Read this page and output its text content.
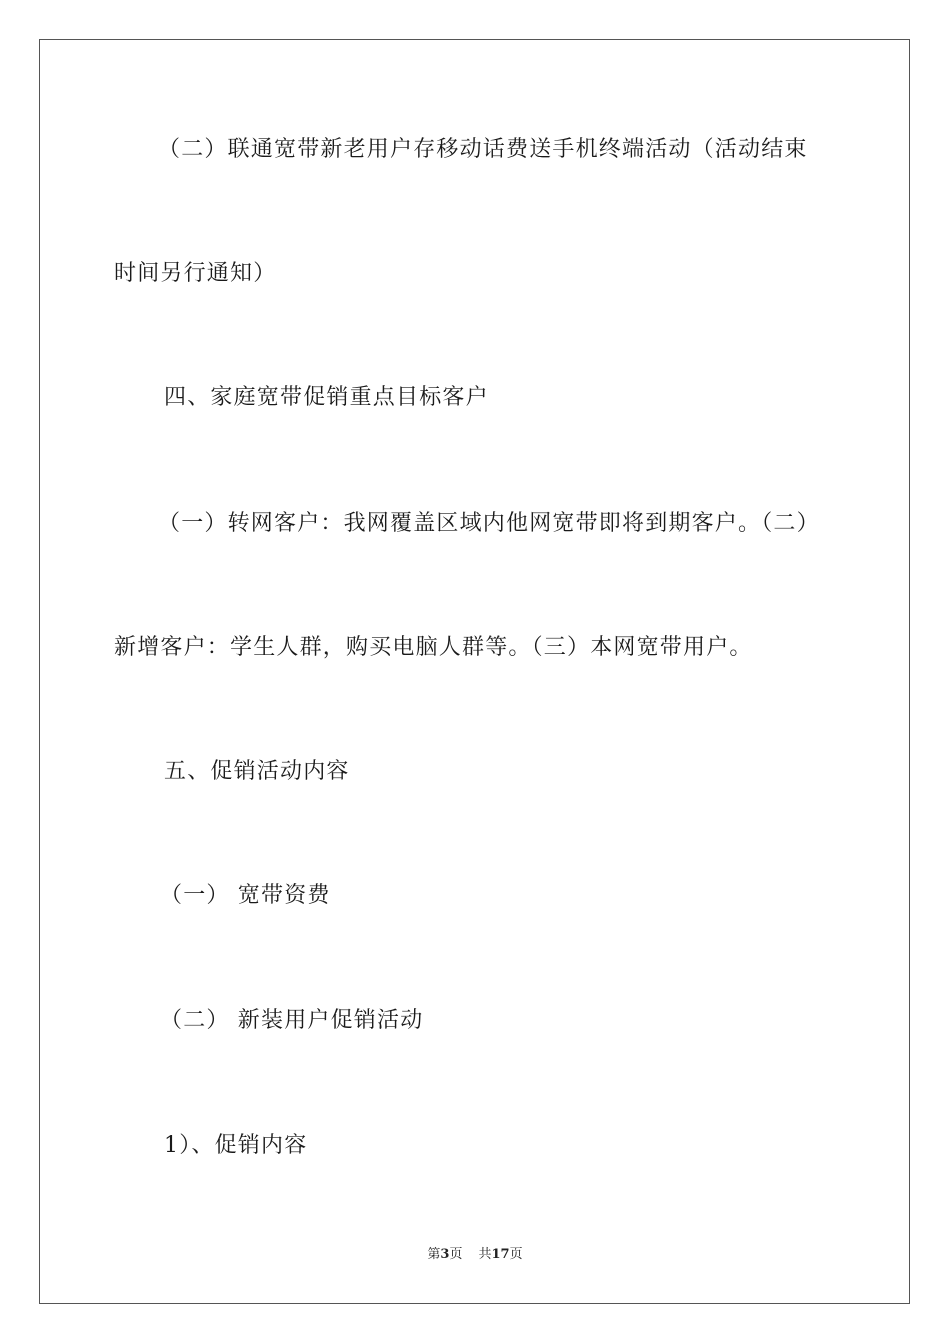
（二）联通宽带新老用户存移动话费送手机终端活动（活动结束
时间另行通知）
四、家庭宽带促销重点目标客户
（一）转网客户：我网覆盖区域内他网宽带即将到期客户。（二）
新增客户：学生人群，购买电脑人群等。（三）本网宽带用户。
五、促销活动内容
（一） 宽带资费
（二） 新装用户促销活动
1）、促销内容
第3页 共17页
